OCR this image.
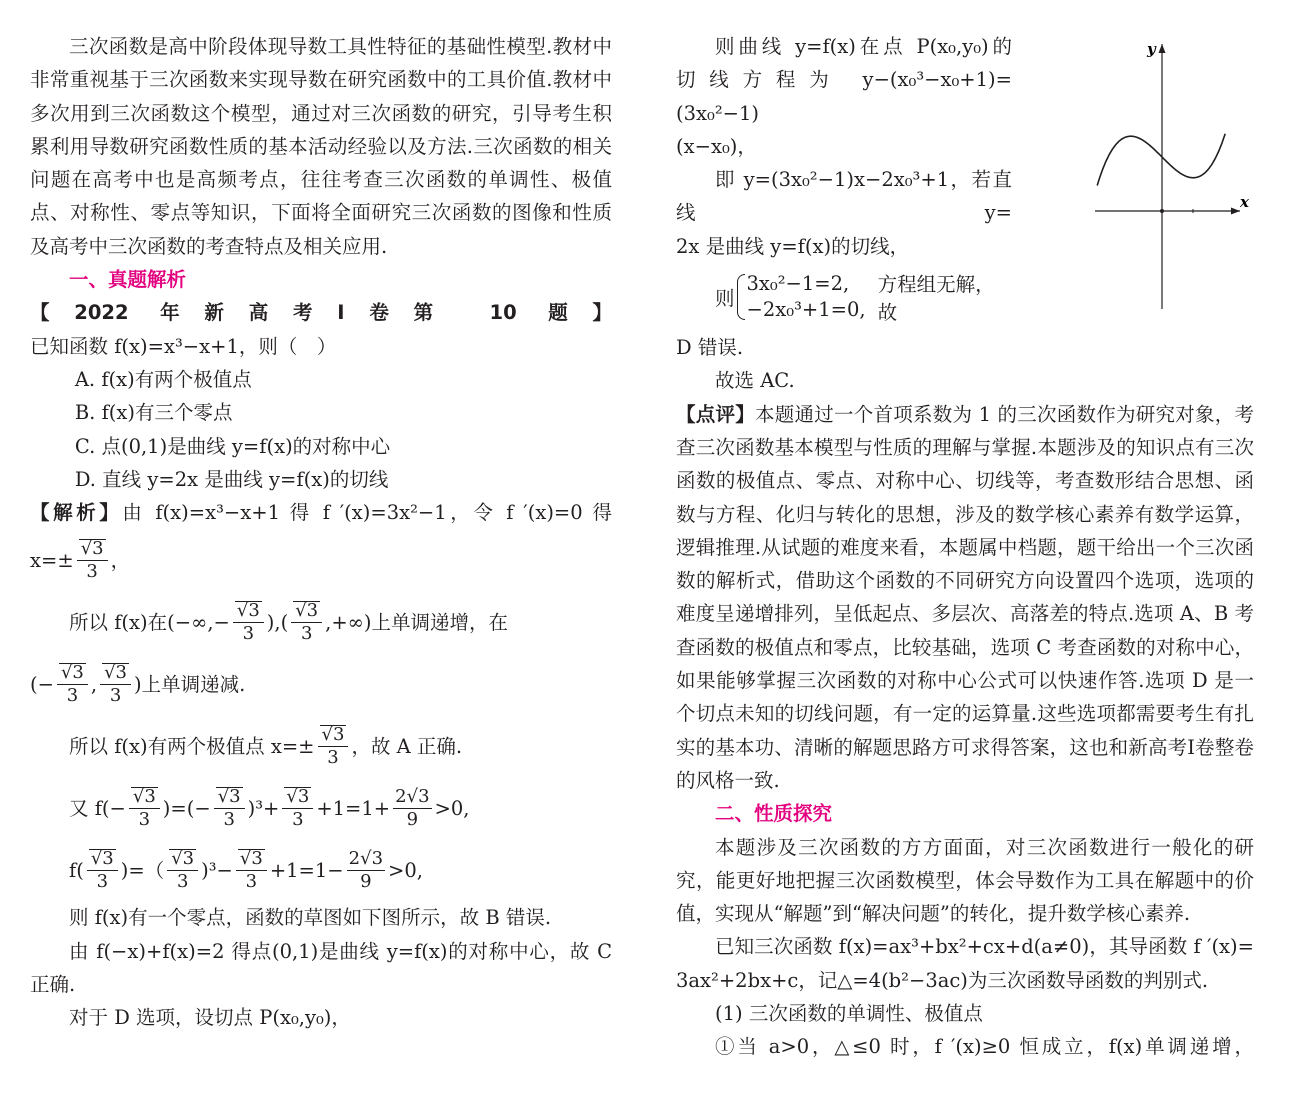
三次函数是高中阶段体现导数工具性特征的基础性模型.教材中非常重视基于三次函数来实现导数在研究函数中的工具价值.教材中多次用到三次函数这个模型，通过对三次函数的研究，引导考生积累利用导数研究函数性质的基本活动经验以及方法.三次函数的相关问题在高考中也是高频考点，往往考查三次函数的单调性、极值点、对称性、零点等知识，下面将全面研究三次函数的图像和性质及高考中三次函数的考查特点及相关应用.

一、真题解析

【2022 年新高考Ⅰ卷第 10 题】已知函数 f(x)=x³−x+1，则（　）

A. f(x)有两个极值点

B. f(x)有三个零点

C. 点(0,1)是曲线 y=f(x)的对称中心

D. 直线 y=2x 是曲线 y=f(x)的切线

【解析】由 f(x)=x³−x+1 得 f ′(x)=3x²−1，令 f ′(x)=0 得

$x=\pm \frac{√3}{3}$ ，
所以 f(x)在(−∞,− $\frac{√3}{3}$ ),( √3
3
,+∞)上单调递增，在
(− $\frac{√3}{3}$ , √3
3
)上单调递减.
所以 f(x)有两个极值点 $x=\pm \frac{√3}{3}$ ，故 A 正确.
又 $f(- \frac{√3}{3}$ )=(− $\frac{√3}{3} )^3+ \frac{√3}{3} +1=1+ \frac{2√3}{9} >0$,
f( √3
3
)=（ √3
3
)$^3- \frac{√3}{3} +1=1- \frac{2√3}{9} >0$,

则 f(x)有一个零点，函数的草图如下图所示，故 B 错误.

由 f(−x)+f(x)=2 得点(0,1)是曲线 y=f(x)的对称中心，故 C 正确.

对于 D 选项，设切点 P(x₀,y₀)，

则曲线 y=f(x)在点 P(x₀,y₀)的

切线方程为 y−(x₀³−x₀+1)=(3x₀²−1)

(x−x₀)，

即 y=(3x₀²−1)x−2x₀³+1，若直线 y=

2x 是曲线 y=f(x)的切线，

则
3x₀²−1=2,
−2x₀³+1=0,
方程组无解，故

D 错误.

故选 AC.

【点评】本题通过一个首项系数为 1 的三次函数作为研究对象，考查三次函数基本模型与性质的理解与掌握.本题涉及的知识点有三次函数的极值点、零点、对称中心、切线等，考查数形结合思想、函数与方程、化归与转化的思想，涉及的数学核心素养有数学运算，逻辑推理.从试题的难度来看，本题属中档题，题干给出一个三次函数的解析式，借助这个函数的不同研究方向设置四个选项，选项的难度呈递增排列，呈低起点、多层次、高落差的特点.选项 A、B 考查函数的极值点和零点，比较基础，选项 C 考查函数的对称中心，如果能够掌握三次函数的对称中心公式可以快速作答.选项 D 是一个切点未知的切线问题，有一定的运算量.这些选项都需要考生有扎实的基本功、清晰的解题思路方可求得答案，这也和新高考Ⅰ卷整卷的风格一致.

二、性质探究

本题涉及三次函数的方方面面，对三次函数进行一般化的研究，能更好地把握三次函数模型，体会导数作为工具在解题中的价值，实现从“解题”到“解决问题”的转化，提升数学核心素养.

已知三次函数 f(x)=ax³+bx²+cx+d(a≠0)，其导函数 f ′(x)=

3ax²+2bx+c，记△=4(b²−3ac)为三次函数导函数的判别式.

(1) 三次函数的单调性、极值点

①当 a>0，△≤0 时，f ′(x)≥0 恒成立，f(x)单调递增，

x
y
